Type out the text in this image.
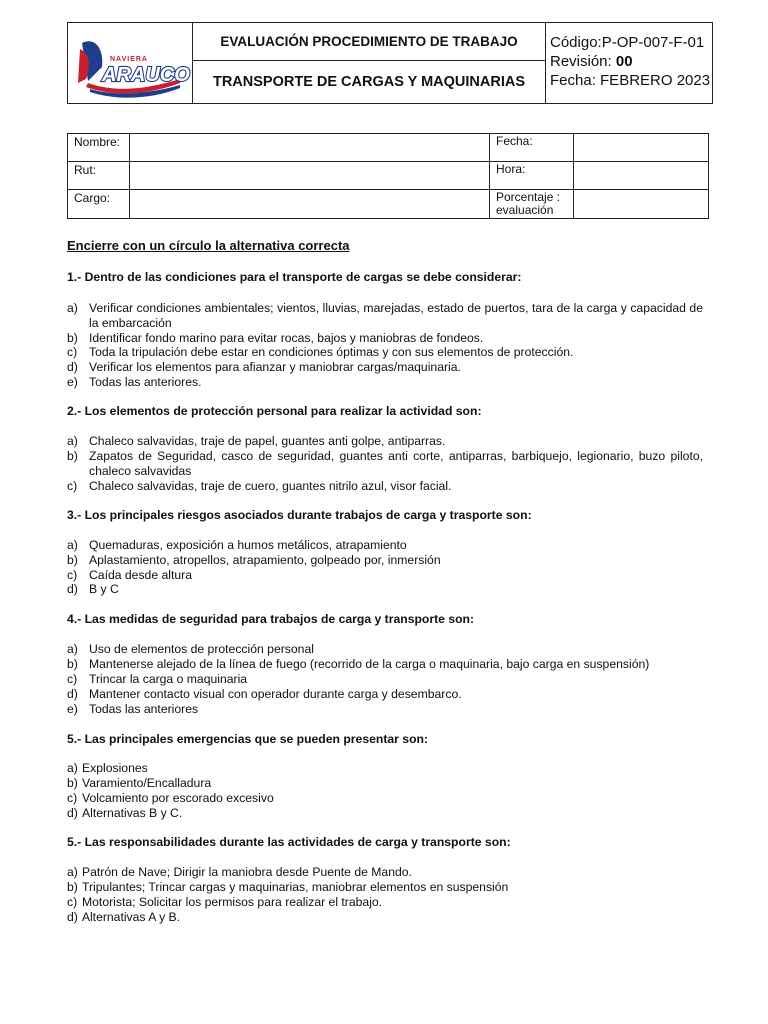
NAVIERA
ARAUCO
EVALUACIÓN PROCEDIMIENTO DE TRABAJO
TRANSPORTE DE CARGAS Y MAQUINARIAS
Código:P-OP-007-F-01
Revisión: 00
Fecha: FEBRERO 2023
Nombre:		Fecha:	
Rut:		Hora:	
Cargo:		Porcentaje :
evaluación	
Encierre con un círculo la alternativa correcta
1.- Dentro de las condiciones para el transporte de cargas se debe considerar:
a) Verificar condiciones ambientales; vientos, lluvias, marejadas, estado de puertos, tara de la carga y capacidad de la embarcación
b) Identificar fondo marino para evitar rocas, bajos y maniobras de fondeos.
c) Toda la tripulación debe estar en condiciones óptimas y con sus elementos de protección.
d) Verificar los elementos para afianzar y maniobrar cargas/maquinaria.
e) Todas las anteriores.
2.- Los elementos de protección personal para realizar la actividad son:
a) Chaleco salvavidas, traje de papel, guantes anti golpe, antiparras.
b) Zapatos de Seguridad, casco de seguridad, guantes anti corte, antiparras, barbiquejo, legionario, buzo piloto, chaleco salvavidas
c) Chaleco salvavidas, traje de cuero, guantes nitrilo azul, visor facial.
3.- Los principales riesgos asociados durante trabajos de carga y trasporte son:
a) Quemaduras, exposición a humos metálicos, atrapamiento
b) Aplastamiento, atropellos, atrapamiento, golpeado por, inmersión
c) Caída desde altura
d) B y C
4.- Las medidas de seguridad para trabajos de carga y transporte son:
a) Uso de elementos de protección personal
b) Mantenerse alejado de la línea de fuego (recorrido de la carga o maquinaria, bajo carga en suspensión)
c) Trincar la carga o maquinaria
d) Mantener contacto visual con operador durante carga y desembarco.
e) Todas las anteriores
5.- Las principales emergencias que se pueden presentar son:
a) Explosiones
b) Varamiento/Encalladura
c) Volcamiento por escorado excesivo
d) Alternativas B y C.
5.- Las responsabilidades durante las actividades de carga y transporte son:
a) Patrón de Nave; Dirigir la maniobra desde Puente de Mando.
b) Tripulantes; Trincar cargas y maquinarias, maniobrar elementos en suspensión
c) Motorista; Solicitar los permisos para realizar el trabajo.
d) Alternativas A y B.
